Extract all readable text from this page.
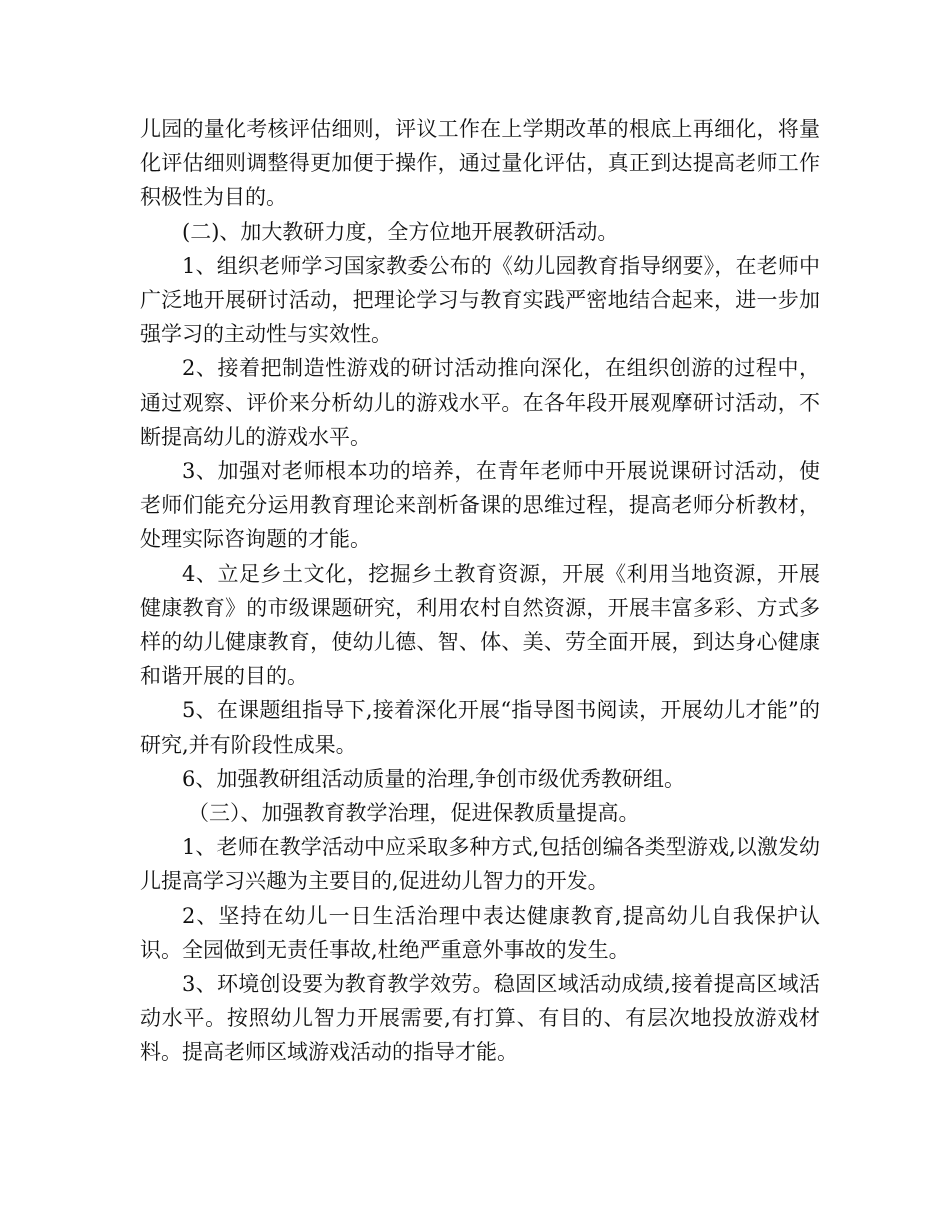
儿园的量化考核评估细则，评议工作在上学期改革的根底上再细化，将量化评估细则调整得更加便于操作，通过量化评估，真正到达提高老师工作积极性为目的。

(二)、加大教研力度，全方位地开展教研活动。

1、组织老师学习国家教委公布的《幼儿园教育指导纲要》，在老师中广泛地开展研讨活动，把理论学习与教育实践严密地结合起来，进一步加强学习的主动性与实效性。

2、接着把制造性游戏的研讨活动推向深化，在组织创游的过程中，通过观察、评价来分析幼儿的游戏水平。在各年段开展观摩研讨活动，不断提高幼儿的游戏水平。

3、加强对老师根本功的培养，在青年老师中开展说课研讨活动，使老师们能充分运用教育理论来剖析备课的思维过程，提高老师分析教材，处理实际咨询题的才能。

4、立足乡土文化，挖掘乡土教育资源，开展《利用当地资源，开展健康教育》的市级课题研究，利用农村自然资源，开展丰富多彩、方式多样的幼儿健康教育，使幼儿德、智、体、美、劳全面开展，到达身心健康和谐开展的目的。

5、在课题组指导下,接着深化开展“指导图书阅读，开展幼儿才能”的研究,并有阶段性成果。

6、加强教研组活动质量的治理,争创市级优秀教研组。

（三）、加强教育教学治理，促进保教质量提高。

1、老师在教学活动中应采取多种方式,包括创编各类型游戏,以激发幼儿提高学习兴趣为主要目的,促进幼儿智力的开发。

2、坚持在幼儿一日生活治理中表达健康教育,提高幼儿自我保护认识。全园做到无责任事故,杜绝严重意外事故的发生。

3、环境创设要为教育教学效劳。稳固区域活动成绩,接着提高区域活动水平。按照幼儿智力开展需要,有打算、有目的、有层次地投放游戏材料。提高老师区域游戏活动的指导才能。
